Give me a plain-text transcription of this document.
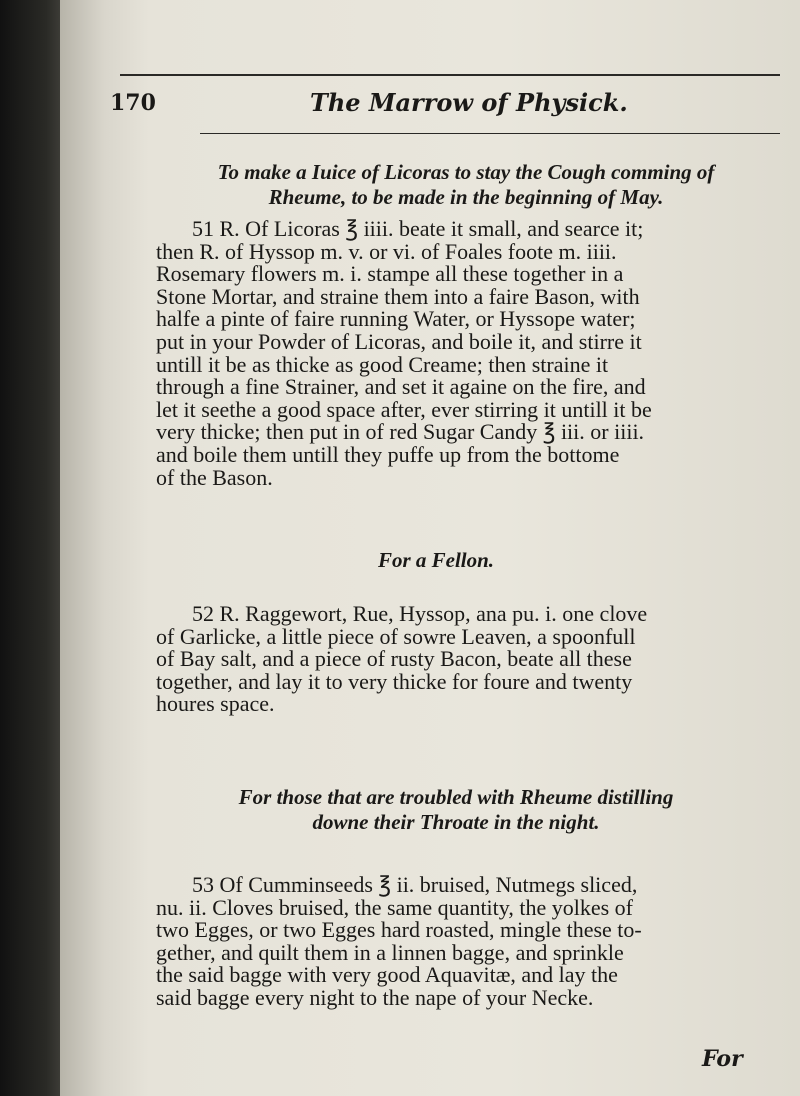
170	The Marrow of Physick.
To make a Iuice of Licoras to stay the Cough comming of
Rheume, to be made in the beginning of May.
51 R. Of Licoras ℥ iiii. beate it small, and searce it;
then R. of Hyssop m. v. or vi. of Foales foote m. iiii.
Rosemary flowers m. i. stampe all these together in a
Stone Mortar, and straine them into a faire Bason, with
halfe a pinte of faire running Water, or Hyssope water;
put in your Powder of Licoras, and boile it, and stirre it
untill it be as thicke as good Creame; then straine it
through a fine Strainer, and set it againe on the fire, and
let it seethe a good space after, ever stirring it untill it be
very thicke; then put in of red Sugar Candy ℥ iii. or iiii.
and boile them untill they puffe up from the bottome
of the Bason.
For a Fellon.
52 R. Raggewort, Rue, Hyssop, ana pu. i. one clove
of Garlicke, a little piece of sowre Leaven, a spoonfull
of Bay salt, and a piece of rusty Bacon, beate all these
together, and lay it to very thicke for foure and twenty
houres space.
For those that are troubled with Rheume distilling
downe their Throate in the night.
53 Of Cumminseeds ℥ ii. bruised, Nutmegs sliced,
nu. ii. Cloves bruised, the same quantity, the yolkes of
two Egges, or two Egges hard roasted, mingle these to-
gether, and quilt them in a linnen bagge, and sprinkle
the said bagge with very good Aquavitæ, and lay the
said bagge every night to the nape of your Necke.
For
